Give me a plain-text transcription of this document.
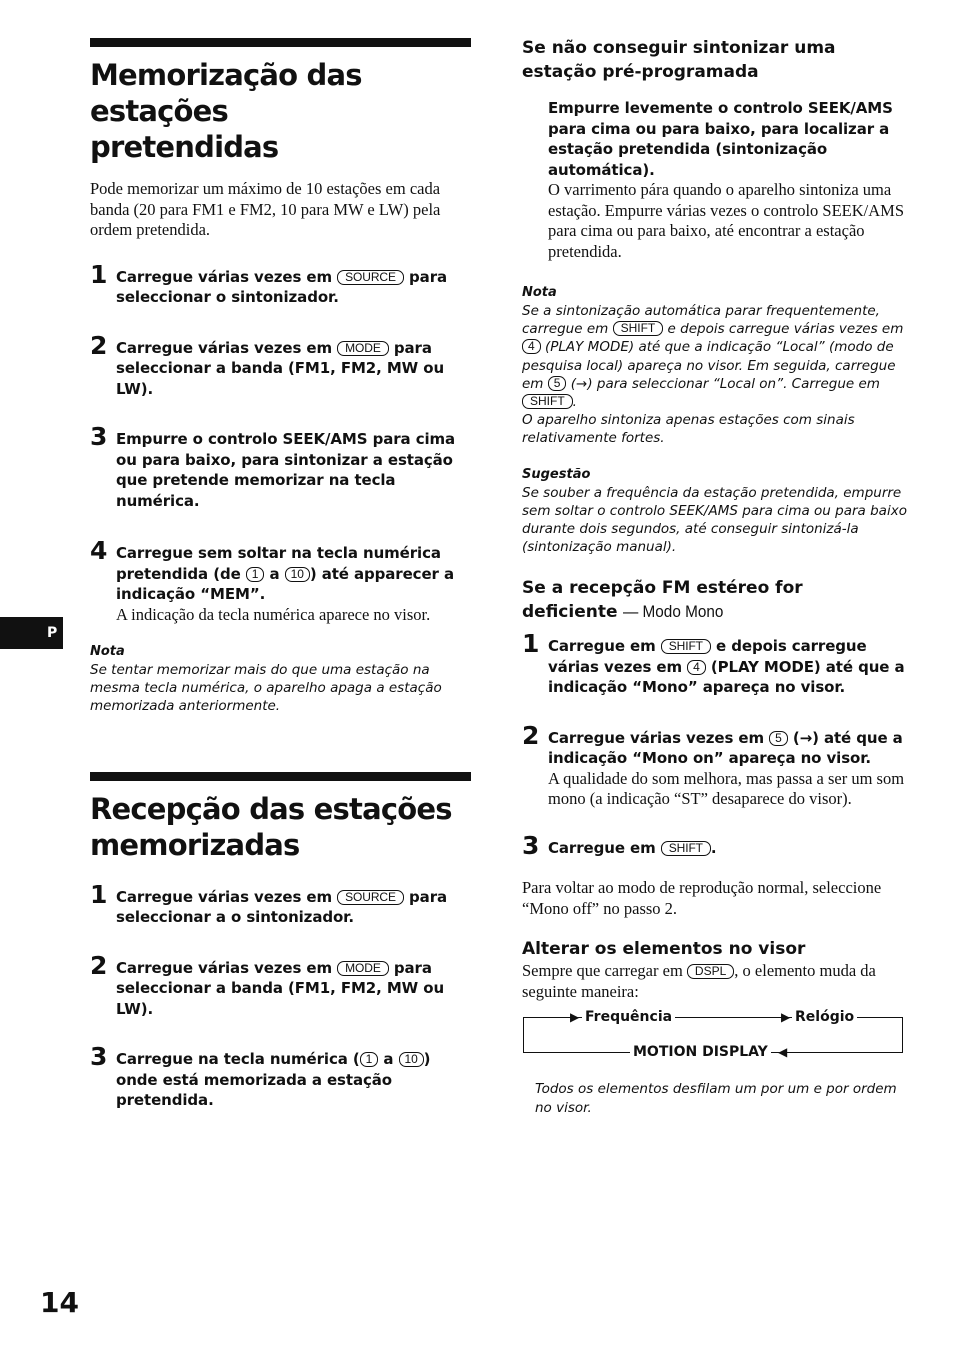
Memorização das estações
pretendidas

Pode memorizar um máximo de 10 estações em cada banda (20 para FM1 e FM2, 10 para MW e LW) pela ordem pretendida.

1 Carregue várias vezes em SOURCE para seleccionar o sintonizador.
2 Carregue várias vezes em MODE para seleccionar a banda (FM1, FM2, MW ou LW).
3 Empurre o controlo SEEK/AMS para cima ou para baixo, para sintonizar a estação que pretende memorizar na tecla numérica.
4 Carregue sem soltar na tecla numérica pretendida (de 1 a 10 ) até apparecer a indicação “MEM”.

A indicação da tecla numérica aparece no visor.

Nota
Se tentar memorizar mais do que uma estação na mesma tecla numérica, o aparelho apaga a estação memorizada anteriormente.
Recepção das estações
memorizadas
1 Carregue várias vezes em SOURCE para seleccionar a o sintonizador.
2 Carregue várias vezes em MODE para seleccionar a banda (FM1, FM2, MW ou LW).
3 Carregue na tecla numérica ( 1 a 10 ) onde está memorizada a estação pretendida.
Se não conseguir sintonizar uma estação pré-programada
Empurre levemente o controlo SEEK/AMS para cima ou para baixo, para localizar a estação pretendida (sintonização automática).

O varrimento pára quando o aparelho sintoniza uma estação. Empurre várias vezes o controlo SEEK/AMS para cima ou para baixo, até encontrar a estação pretendida.

Nota
Se a sintonização automática parar frequentemente, carregue em SHIFT e depois carregue várias vezes em 4 (PLAY MODE) até que a indicação “Local” (modo de pesquisa local) apareça no visor. Em seguida, carregue em 5 (→) para seleccionar “Local on”. Carregue em SHIFT .
O aparelho sintoniza apenas estações com sinais relativamente fortes.
Sugestão
Se souber a frequência da estação pretendida, empurre sem soltar o controlo SEEK/AMS para cima ou para baixo durante dois segundos, até conseguir sintonizá-la (sintonização manual).
Se a recepção FM estéreo for
deficiente — Modo Mono
1 Carregue em SHIFT e depois carregue várias vezes em 4 (PLAY MODE) até que a indicação “Mono” apareça no visor.
2 Carregue várias vezes em 5 (→) até que a indicação “Mono on” apareça no visor.

A qualidade do som melhora, mas passa a ser um som mono (a indicação “ST” desaparece do visor).

3 Carregue em SHIFT .

Para voltar ao modo de reprodução normal, seleccione “Mono off” no passo 2.

Alterar os elementos no visor

Sempre que carregar em DSPL , o elemento muda da seguinte maneira:

▶ Frequência	▶ Relógio
MOTION DISPLAY ◀
Todos os elementos desfilam um por um e por ordem no visor.
P
14
